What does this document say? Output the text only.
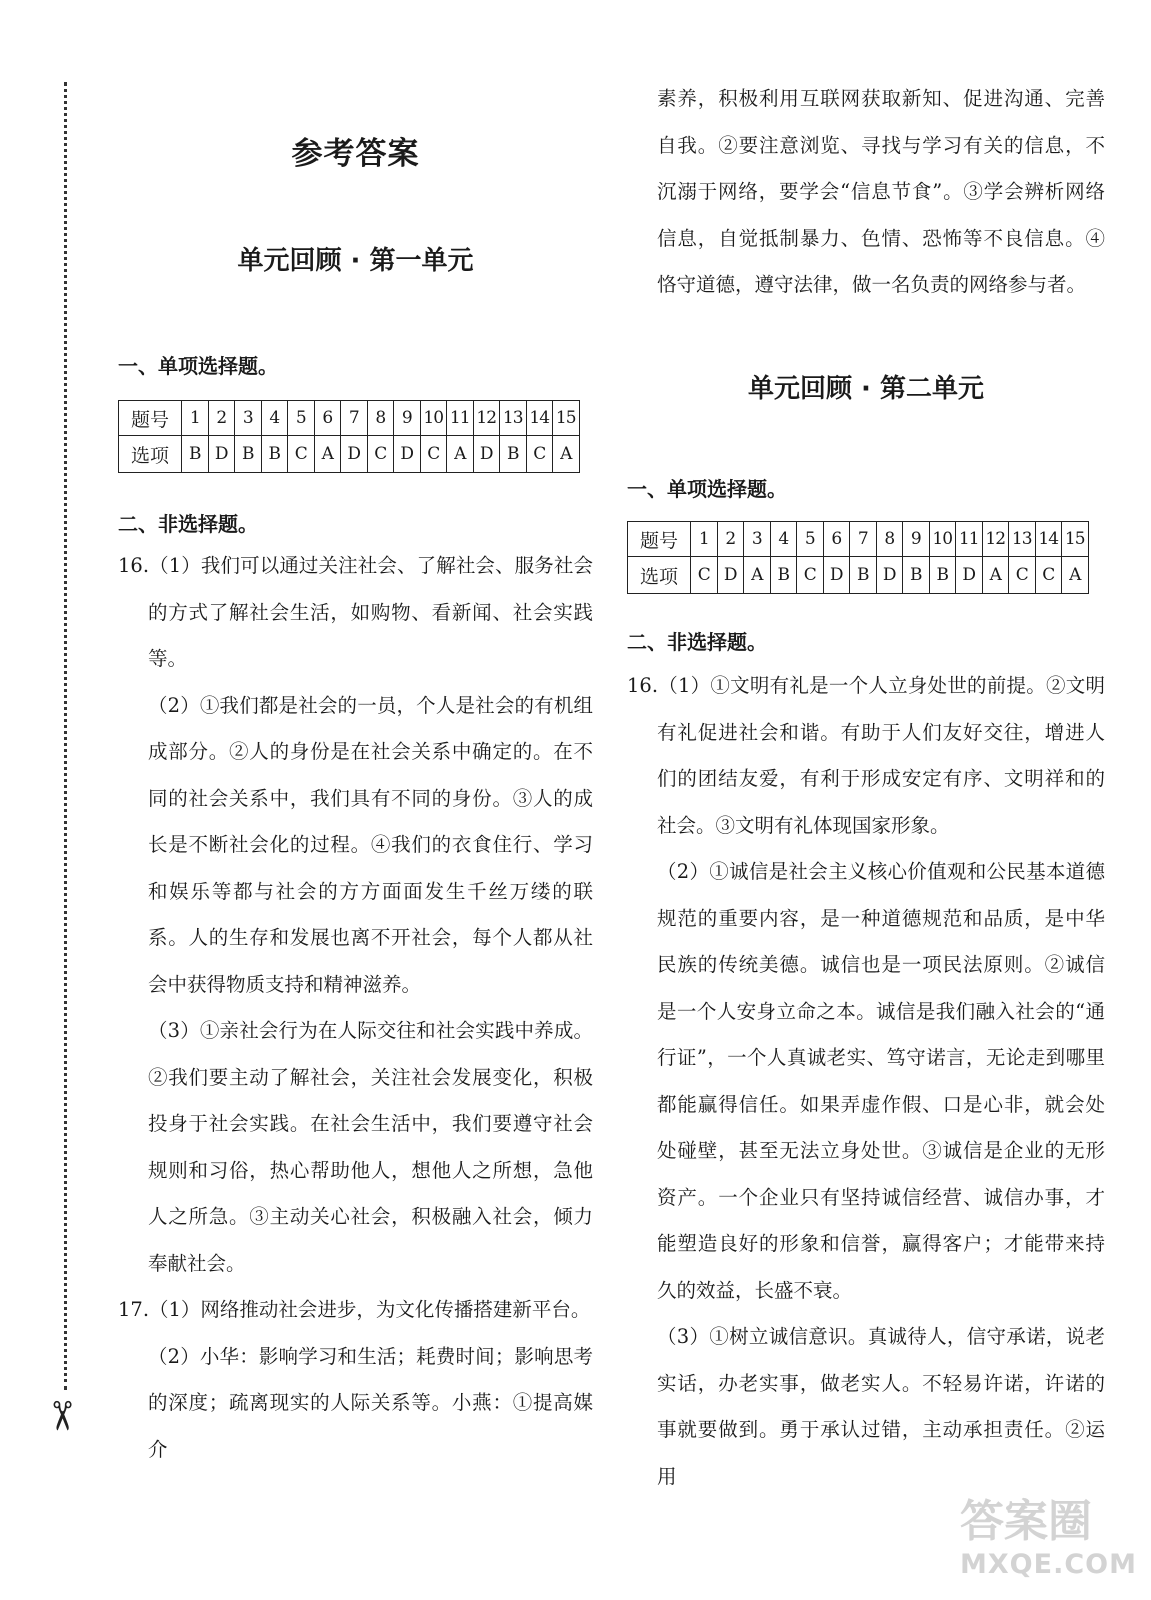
✂
参考答案
单元回顾 · 第一单元
一、单项选择题。
题号	1	2	3	4	5	6	7	8	9	10	11	12	13	14	15
选项	B	D	B	B	C	A	D	C	D	C	A	D	B	C	A
二、非选择题。

16.（1）我们可以通过关注社会、了解社会、服务社会的方式了解社会生活，如购物、看新闻、社会实践等。

（2）①我们都是社会的一员，个人是社会的有机组成部分。②人的身份是在社会关系中确定的。在不同的社会关系中，我们具有不同的身份。③人的成长是不断社会化的过程。④我们的衣食住行、学习和娱乐等都与社会的方方面面发生千丝万缕的联系。人的生存和发展也离不开社会，每个人都从社会中获得物质支持和精神滋养。

（3）①亲社会行为在人际交往和社会实践中养成。②我们要主动了解社会，关注社会发展变化，积极投身于社会实践。在社会生活中，我们要遵守社会规则和习俗，热心帮助他人，想他人之所想，急他人之所急。③主动关心社会，积极融入社会，倾力奉献社会。

17.（1）网络推动社会进步，为文化传播搭建新平台。

（2）小华：影响学习和生活；耗费时间；影响思考的深度；疏离现实的人际关系等。小燕：①提高媒介

素养，积极利用互联网获取新知、促进沟通、完善自我。②要注意浏览、寻找与学习有关的信息，不沉溺于网络，要学会“信息节食”。③学会辨析网络信息，自觉抵制暴力、色情、恐怖等不良信息。④恪守道德，遵守法律，做一名负责的网络参与者。

单元回顾 · 第二单元
一、单项选择题。
题号	1	2	3	4	5	6	7	8	9	10	11	12	13	14	15
选项	C	D	A	B	C	D	B	D	B	B	D	A	C	C	A
二、非选择题。

16.（1）①文明有礼是一个人立身处世的前提。②文明有礼促进社会和谐。有助于人们友好交往，增进人们的团结友爱，有利于形成安定有序、文明祥和的社会。③文明有礼体现国家形象。

（2）①诚信是社会主义核心价值观和公民基本道德规范的重要内容，是一种道德规范和品质，是中华民族的传统美德。诚信也是一项民法原则。②诚信是一个人安身立命之本。诚信是我们融入社会的“通行证”，一个人真诚老实、笃守诺言，无论走到哪里都能赢得信任。如果弄虚作假、口是心非，就会处处碰壁，甚至无法立身处世。③诚信是企业的无形资产。一个企业只有坚持诚信经营、诚信办事，才能塑造良好的形象和信誉，赢得客户；才能带来持久的效益，长盛不衰。

（3）①树立诚信意识。真诚待人，信守承诺，说老实话，办老实事，做老实人。不轻易许诺，许诺的事就要做到。勇于承认过错，主动承担责任。②运用

答案圈
MXQE.COM
